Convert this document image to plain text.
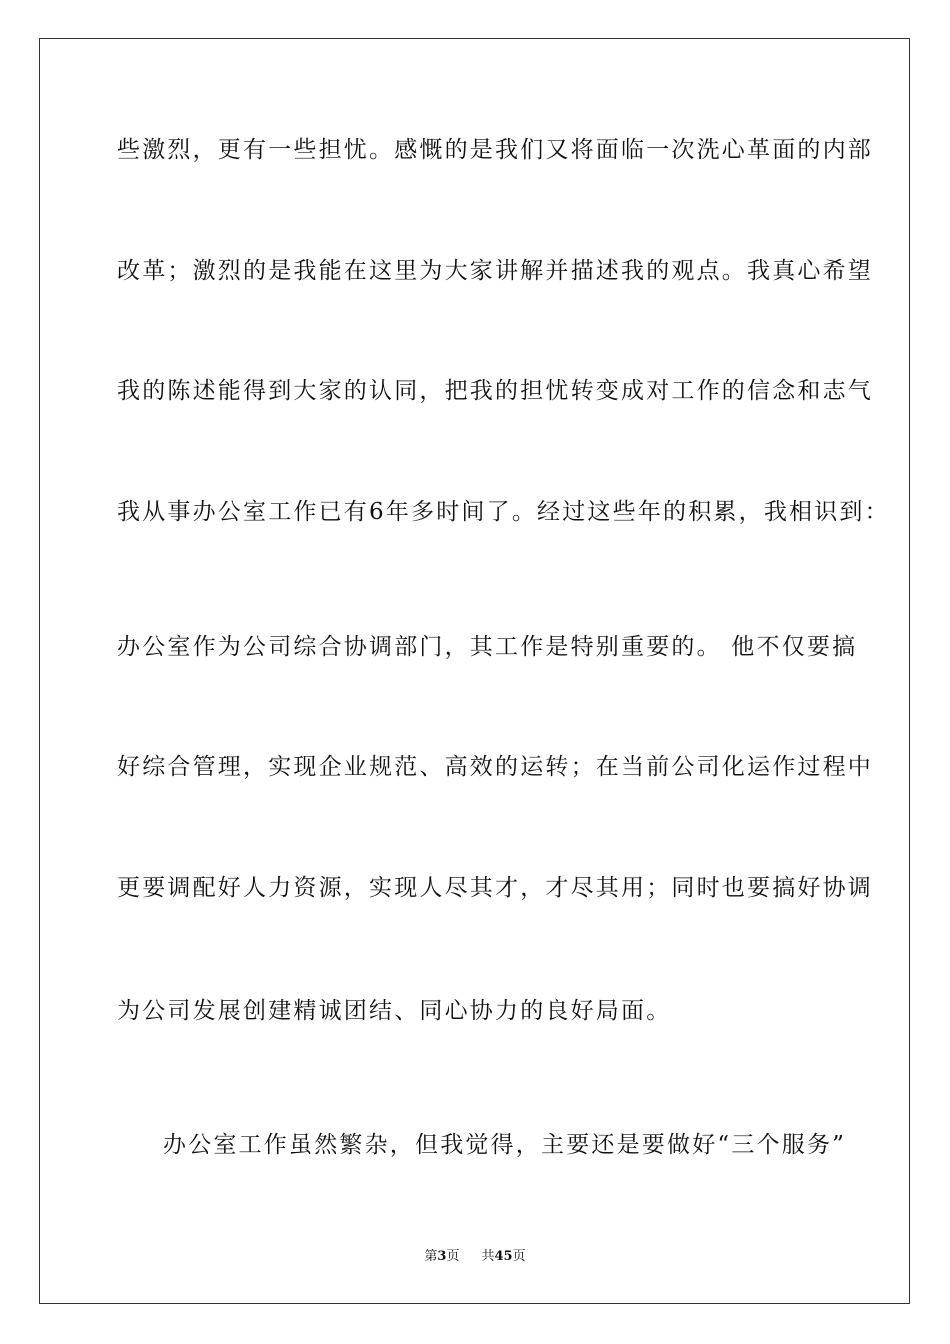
些激烈，更有一些担忧。感慨的是我们又将面临一次洗心革面的内部
改革；激烈的是我能在这里为大家讲解并描述我的观点。我真心希望
我的陈述能得到大家的认同，把我的担忧转变成对工作的信念和志气
我从事办公室工作已有6年多时间了。经过这些年的积累，我相识到：
办公室作为公司综合协调部门，其工作是特别重要的。 他不仅要搞
好综合管理，实现企业规范、高效的运转；在当前公司化运作过程中
更要调配好人力资源，实现人尽其才，才尽其用；同时也要搞好协调
为公司发展创建精诚团结、同心协力的良好局面。
办公室工作虽然繁杂，但我觉得，主要还是要做好“三个服务”
第3页 共45页
